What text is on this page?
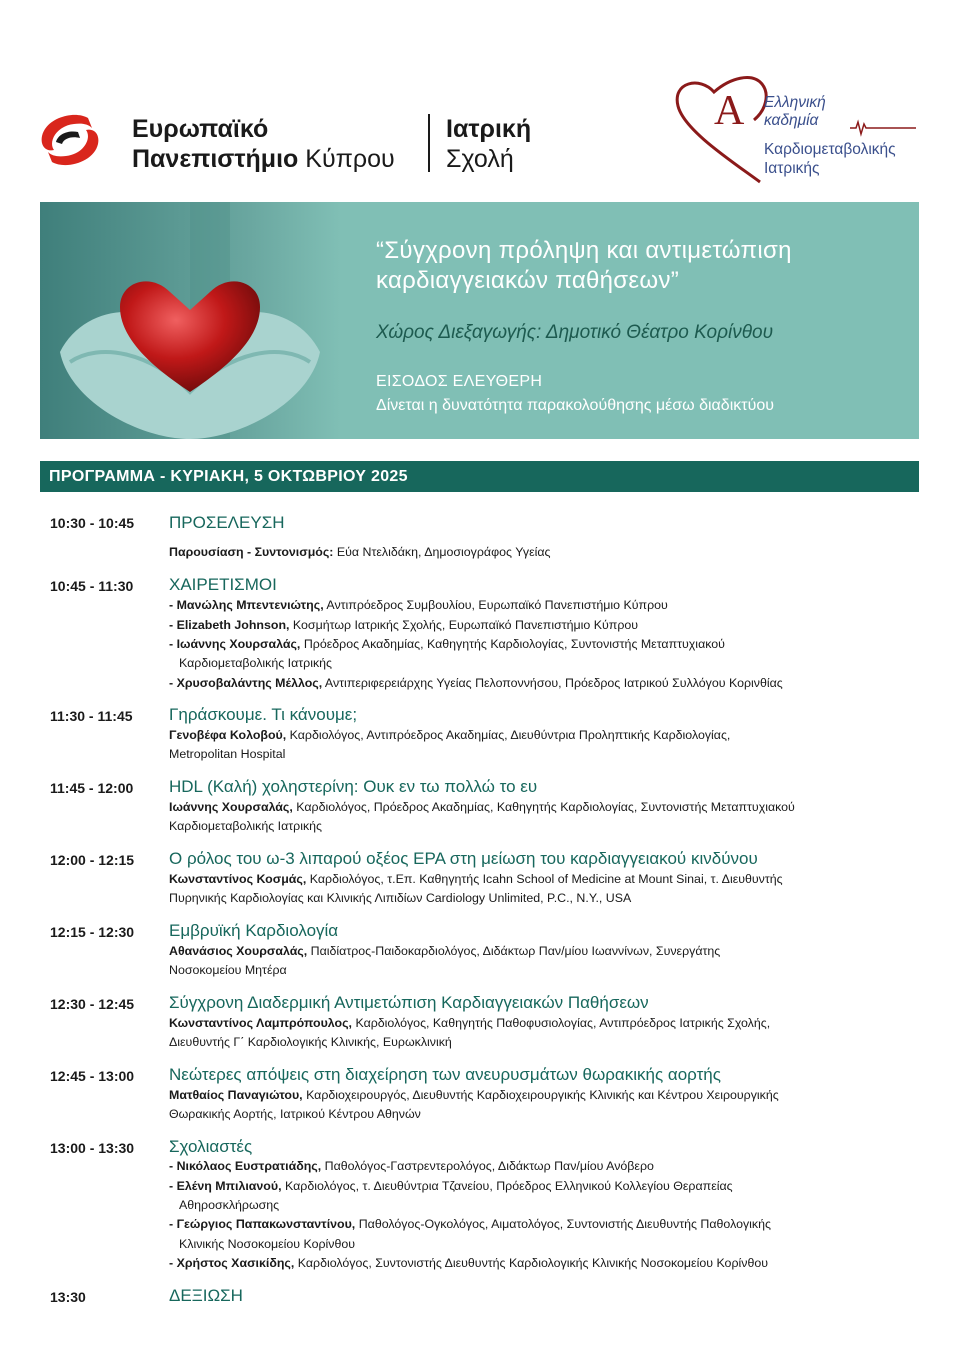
Ευρωπαϊκό
Πανεπιστήμιο Κύπρου
Ιατρική
Σχολή
Α Ελληνική
καδημία
Καρδιομεταβολικής
Ιατρικής
“Σύγχρονη πρόληψη και αντιμετώπιση
καρδιαγγειακών παθήσεων”
Χώρος Διεξαγωγής: Δημοτικό Θέατρο Κορίνθου
ΕΙΣΟΔΟΣ ΕΛΕΥΘΕΡΗ
Δίνεται η δυνατότητα παρακολούθησης μέσω διαδικτύου
ΠΡΟΓΡΑΜΜΑ - ΚΥΡΙΑΚΗ, 5 ΟΚΤΩΒΡΙΟΥ 2025
10:30 - 10:45 ΠΡΟΣΕΛΕΥΣΗ
Παρουσίαση - Συντονισμός: Εύα Ντελιδάκη, Δημοσιογράφος Υγείας
10:45 - 11:30 ΧΑΙΡΕΤΙΣΜΟΙ
- Μανώλης Μπεντενιώτης, Αντιπρόεδρος Συμβουλίου, Ευρωπαϊκό Πανεπιστήμιο Κύπρου
- Elizabeth Johnson, Κοσμήτωρ Ιατρικής Σχολής, Ευρωπαϊκό Πανεπιστήμιο Κύπρου
- Ιωάννης Χουρσαλάς, Πρόεδρος Ακαδημίας, Καθηγητής Καρδιολογίας, Συντονιστής Μεταπτυχιακού
Καρδιομεταβολικής Ιατρικής
- Χρυσοβαλάντης Μέλλος, Αντιπεριφερειάρχης Υγείας Πελοποννήσου, Πρόεδρος Ιατρικού Συλλόγου Κορινθίας
11:30 - 11:45 Γηράσκουμε. Τι κάνουμε;
Γενοβέφα Κολοβού, Καρδιολόγος, Αντιπρόεδρος Ακαδημίας, Διευθύντρια Προληπτικής Καρδιολογίας,
Metropolitan Hospital
11:45 - 12:00 HDL (Καλή) χοληστερίνη: Ουκ εν τω πολλώ το ευ
Ιωάννης Χουρσαλάς, Καρδιολόγος, Πρόεδρος Ακαδημίας, Καθηγητής Καρδιολογίας, Συντονιστής Μεταπτυχιακού
Καρδιομεταβολικής Ιατρικής
12:00 - 12:15 Ο ρόλος του ω-3 λιπαρού οξέος EPA στη μείωση του καρδιαγγειακού κινδύνου
Κωνσταντίνος Κοσμάς, Καρδιολόγος, τ.Επ. Καθηγητής Icahn School of Medicine at Mount Sinai, τ. Διευθυντής
Πυρηνικής Καρδιολογίας και Κλινικής Λιπιδίων Cardiology Unlimited, P.C., N.Y., USA
12:15 - 12:30 Εμβρυϊκή Καρδιολογία
Αθανάσιος Χουρσαλάς, Παιδίατρος-Παιδοκαρδιολόγος, Διδάκτωρ Παν/μίου Ιωαννίνων, Συνεργάτης
Νοσοκομείου Μητέρα
12:30 - 12:45 Σύγχρονη Διαδερμική Αντιμετώπιση Καρδιαγγειακών Παθήσεων
Κωνσταντίνος Λαμπρόπουλος, Καρδιολόγος, Καθηγητής Παθοφυσιολογίας, Αντιπρόεδρος Ιατρικής Σχολής,
Διευθυντής Γ΄ Καρδιολογικής Κλινικής, Ευρωκλινική
12:45 - 13:00 Νεώτερες απόψεις στη διαχείρηση των ανευρυσμάτων θωρακικής αορτής
Ματθαίος Παναγιώτου, Καρδιοχειρουργός, Διευθυντής Καρδιοχειρουργικής Κλινικής και Κέντρου Χειρουργικής
Θωρακικής Αορτής, Ιατρικού Κέντρου Αθηνών
13:00 - 13:30 Σχολιαστές
- Νικόλαος Ευστρατιάδης, Παθολόγος-Γαστρεντερολόγος, Διδάκτωρ Παν/μίου Ανόβερο
- Ελένη Μπιλιανού, Καρδιολόγος, τ. Διευθύντρια Τζανείου, Πρόεδρος Ελληνικού Κολλεγίου Θεραπείας
Αθηροσκλήρωσης
- Γεώργιος Παπακωνσταντίνου, Παθολόγος-Ογκολόγος, Αιματολόγος, Συντονιστής Διευθυντής Παθολογικής
Κλινικής Νοσοκομείου Κορίνθου
- Χρήστος Χασικίδης, Καρδιολόγος, Συντονιστής Διευθυντής Καρδιολογικής Κλινικής Νοσοκομείου Κορίνθου
13:30	ΔΕΞΙΩΣΗ
